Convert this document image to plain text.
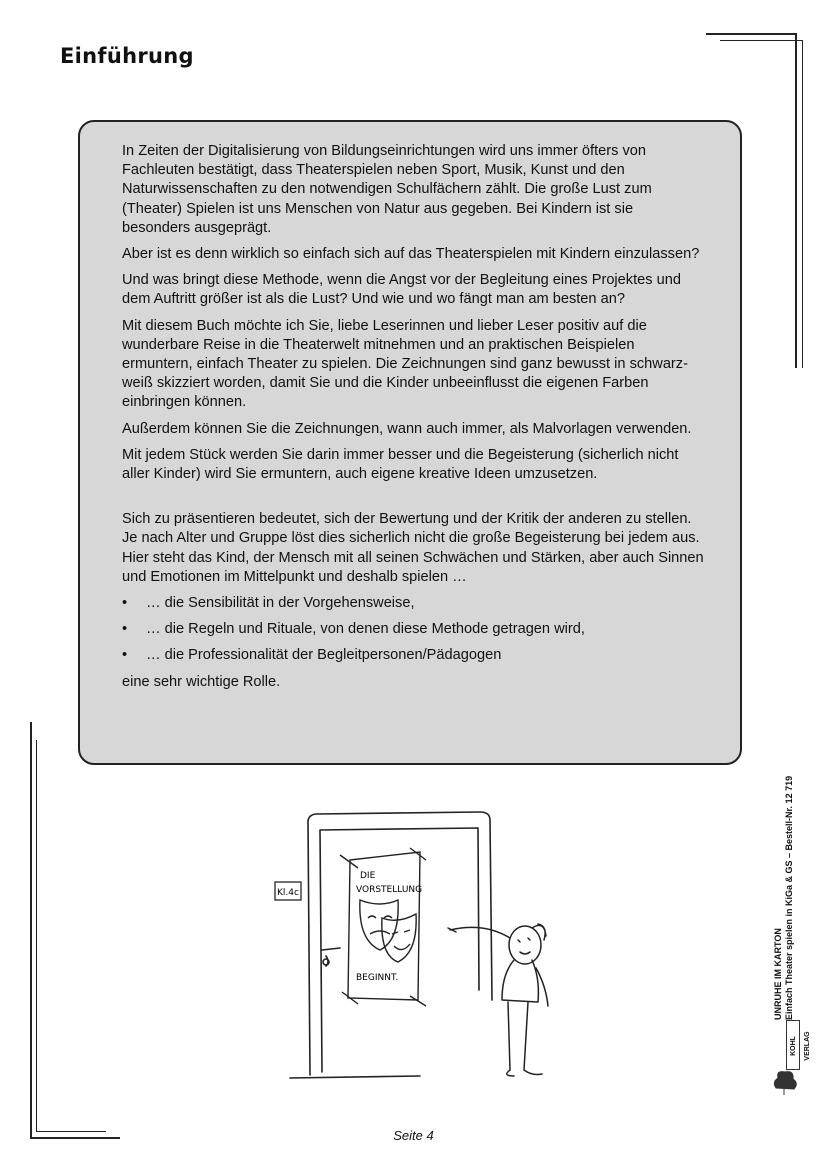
Einführung

In Zeiten der Digitalisierung von Bildungseinrichtungen wird uns immer öfters von Fachleuten bestätigt, dass Theaterspielen neben Sport, Musik, Kunst und den Naturwissenschaften zu den notwendigen Schulfächern zählt. Die große Lust zum (Theater) Spielen ist uns Menschen von Natur aus gegeben. Bei Kindern ist sie besonders ausgeprägt.

Aber ist es denn wirklich so einfach sich auf das Theaterspielen mit Kindern einzulassen?

Und was bringt diese Methode, wenn die Angst vor der Begleitung eines Projektes und dem Auftritt größer ist als die Lust? Und wie und wo fängt man am besten an?

Mit diesem Buch möchte ich Sie, liebe Leserinnen und lieber Leser positiv auf die wunderbare Reise in die Theaterwelt mitnehmen und an praktischen Beispielen ermuntern, einfach Theater zu spielen. Die Zeichnungen sind ganz bewusst in schwarz-weiß skizziert worden, damit Sie und die Kinder unbeeinflusst die eigenen Farben einbringen können.

Außerdem können Sie die Zeichnungen, wann auch immer, als Malvorlagen verwenden.

Mit jedem Stück werden Sie darin immer besser und die Begeisterung (sicherlich nicht aller Kinder) wird Sie ermuntern, auch eigene kreative Ideen umzusetzen.

Sich zu präsentieren bedeutet, sich der Bewertung und der Kritik der anderen zu stellen. Je nach Alter und Gruppe löst dies sicherlich nicht die große Begeisterung bei jedem aus. Hier steht das Kind, der Mensch mit all seinen Schwächen und Stärken, aber auch Sinnen und Emotionen im Mittelpunkt und deshalb spielen …

•	… die Sensibilität in der Vorgehensweise,
•	… die Regeln und Rituale, von denen diese Methode getragen wird,
•	… die Professionalität der Begleitpersonen/Pädagogen

eine sehr wichtige Rolle.

Kl.4c
DIE
VORSTELLUNG
BEGINNT.	UNRUHE IM KARTON Einfach Theater spielen in KiGa & GS – Bestell-Nr. 12 719
KOHL VERLAG
Seite 4
